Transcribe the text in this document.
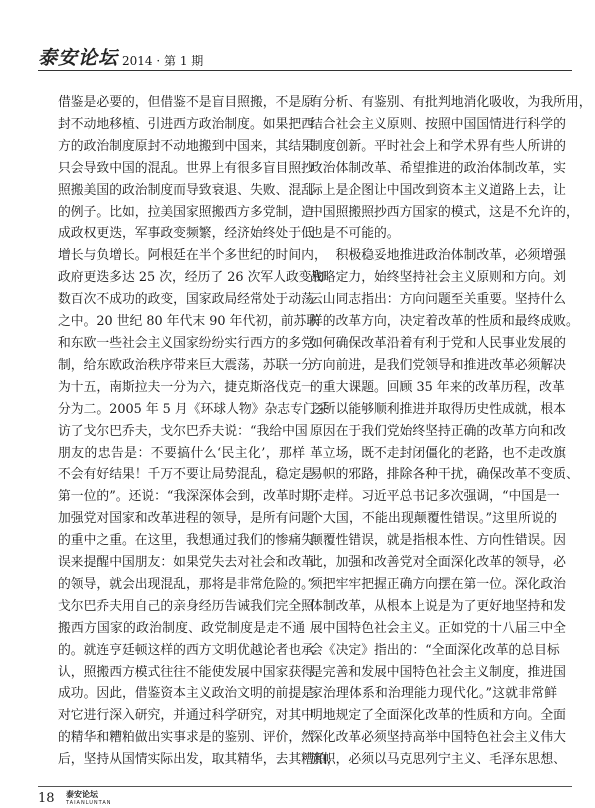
泰安论坛 2014 · 第 1 期
借鉴是必要的，但借鉴不是盲目照搬，不是原
封不动地移植、引进西方政治制度。如果把西
方的政治制度原封不动地搬到中国来，其结果
只会导致中国的混乱。世界上有很多盲目照抄
照搬美国的政治制度而导致衰退、失败、混乱
的例子。比如，拉美国家照搬西方多党制，造
成政权更迭，军事政变频繁，经济始终处于低
增长与负增长。阿根廷在半个多世纪的时间内，
政府更迭多达 25 次，经历了 26 次军人政变和
数百次不成功的政变，国家政局经常处于动荡
之中。20 世纪 80 年代末 90 年代初，前苏联
和东欧一些社会主义国家纷纷实行西方的多党
制，给东欧政治秩序带来巨大震荡，苏联一分
为十五，南斯拉夫一分为六，捷克斯洛伐克一
分为二。2005 年 5 月《环球人物》杂志专门采
访了戈尔巴乔夫，戈尔巴乔夫说：“我给中国
朋友的忠告是：不要搞什么‘民主化’，那样
不会有好结果！千万不要让局势混乱，稳定是
第一位的”。还说：“我深深体会到，改革时期，
加强党对国家和改革进程的领导，是所有问题
的重中之重。在这里，我想通过我们的惨痛失
误来提醒中国朋友：如果党失去对社会和改革
的领导，就会出现混乱，那将是非常危险的。”
戈尔巴乔夫用自己的亲身经历告诫我们完全照
搬西方国家的政治制度、政党制度是走不通
的。就连亨廷顿这样的西方文明优越论者也承
认，照搬西方模式往往不能使发展中国家获得
成功。因此，借鉴资本主义政治文明的前提是
对它进行深入研究，并通过科学研究，对其中
的精华和糟粕做出实事求是的鉴别、评价，然
后，坚持从国情实际出发，取其精华，去其糟粕，
有分析、有鉴别、有批判地消化吸收，为我所用，
结合社会主义原则、按照中国国情进行科学的
制度创新。平时社会上和学术界有些人所讲的
政治体制改革、希望推进的政治体制改革，实
际上是企图让中国改到资本主义道路上去，让
中国照搬照抄西方国家的模式，这是不允许的，
也是不可能的。
积极稳妥地推进政治体制改革，必须增强
战略定力，始终坚持社会主义原则和方向。刘
云山同志指出：方向问题至关重要。坚持什么
样的改革方向，决定着改革的性质和最终成败。
如何确保改革沿着有利于党和人民事业发展的
方向前进，是我们党领导和推进改革必须解决
的重大课题。回顾 35 年来的改革历程，改革
之所以能够顺利推进并取得历史性成就，根本
原因在于我们党始终坚持正确的改革方向和改
革立场，既不走封闭僵化的老路，也不走改旗
易帜的邪路，排除各种干扰，确保改革不变质、
不走样。习近平总书记多次强调，“中国是一
个大国，不能出现颠覆性错误。”这里所说的
颠覆性错误，就是指根本性、方向性错误。因
此，加强和改善党对全面深化改革的领导，必
须把牢牢把握正确方向摆在第一位。深化政治
体制改革，从根本上说是为了更好地坚持和发
展中国特色社会主义。正如党的十八届三中全
会《决定》指出的：“全面深化改革的总目标
是完善和发展中国特色社会主义制度，推进国
家治理体系和治理能力现代化。”这就非常鲜
明地规定了全面深化改革的性质和方向。全面
深化改革必须坚持高举中国特色社会主义伟大
旗帜，必须以马克思列宁主义、毛泽东思想、
18 泰安论坛
TAIANLUNTAN
